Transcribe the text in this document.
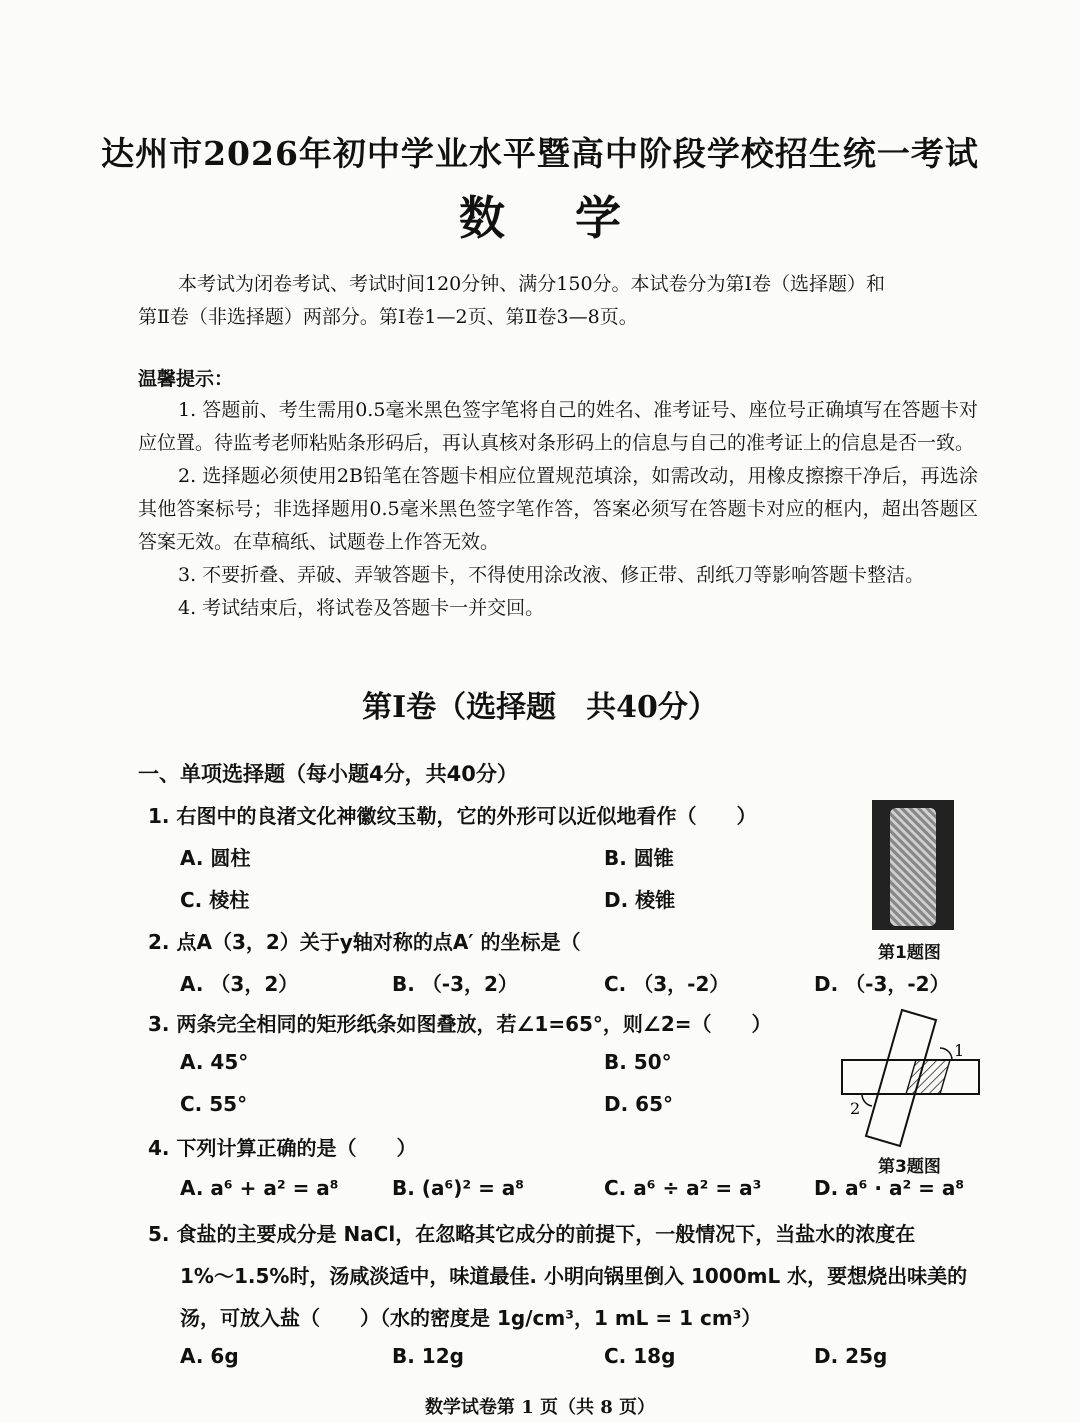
达州市2026年初中学业水平暨高中阶段学校招生统一考试
数学

本考试为闭卷考试、考试时间120分钟、满分150分。本试卷分为第Ⅰ卷（选择题）和

第Ⅱ卷（非选择题）两部分。第Ⅰ卷1—2页、第Ⅱ卷3—8页。

温馨提示：

1. 答题前、考生需用0.5毫米黑色签字笔将自己的姓名、准考证号、座位号正确填写在答题卡对应位置。待监考老师粘贴条形码后，再认真核对条形码上的信息与自己的准考证上的信息是否一致。

2. 选择题必须使用2B铅笔在答题卡相应位置规范填涂，如需改动，用橡皮擦擦干净后，再选涂其他答案标号；非选择题用0.5毫米黑色签字笔作答，答案必须写在答题卡对应的框内，超出答题区答案无效。在草稿纸、试题卷上作答无效。

3. 不要折叠、弄破、弄皱答题卡，不得使用涂改液、修正带、刮纸刀等影响答题卡整洁。

4. 考试结束后，将试卷及答题卡一并交回。

第Ⅰ卷（选择题　共40分）
一、单项选择题（每小题4分，共40分）
1. 右图中的良渚文化神徽纹玉勒，它的外形可以近似地看作（　　）
A. 圆柱	B. 圆锥
C. 棱柱	D. 棱锥
第1题图
2. 点A（3，2）关于y轴对称的点A′ 的坐标是（
A. （3，2）	B. （-3，2）	C. （3，-2）	D. （-3，-2）
3. 两条完全相同的矩形纸条如图叠放，若∠1=65°，则∠2=（　　）
A. 45°	B. 50°
C. 55°	D. 65°
1
2
第3题图
4. 下列计算正确的是（　　）
A. a⁶ + a² = a⁸	B. (a⁶)² = a⁸	C. a⁶ ÷ a² = a³	D. a⁶ · a² = a⁸
5. 食盐的主要成分是 NaCl，在忽略其它成分的前提下，一般情况下，当盐水的浓度在
1%～1.5%时，汤咸淡适中，味道最佳. 小明向锅里倒入 1000mL 水，要想烧出味美的
汤，可放入盐（　　）（水的密度是 1g/cm³，1 mL = 1 cm³）
A. 6g	B. 12g	C. 18g	D. 25g
数学试卷第 1 页（共 8 页）
